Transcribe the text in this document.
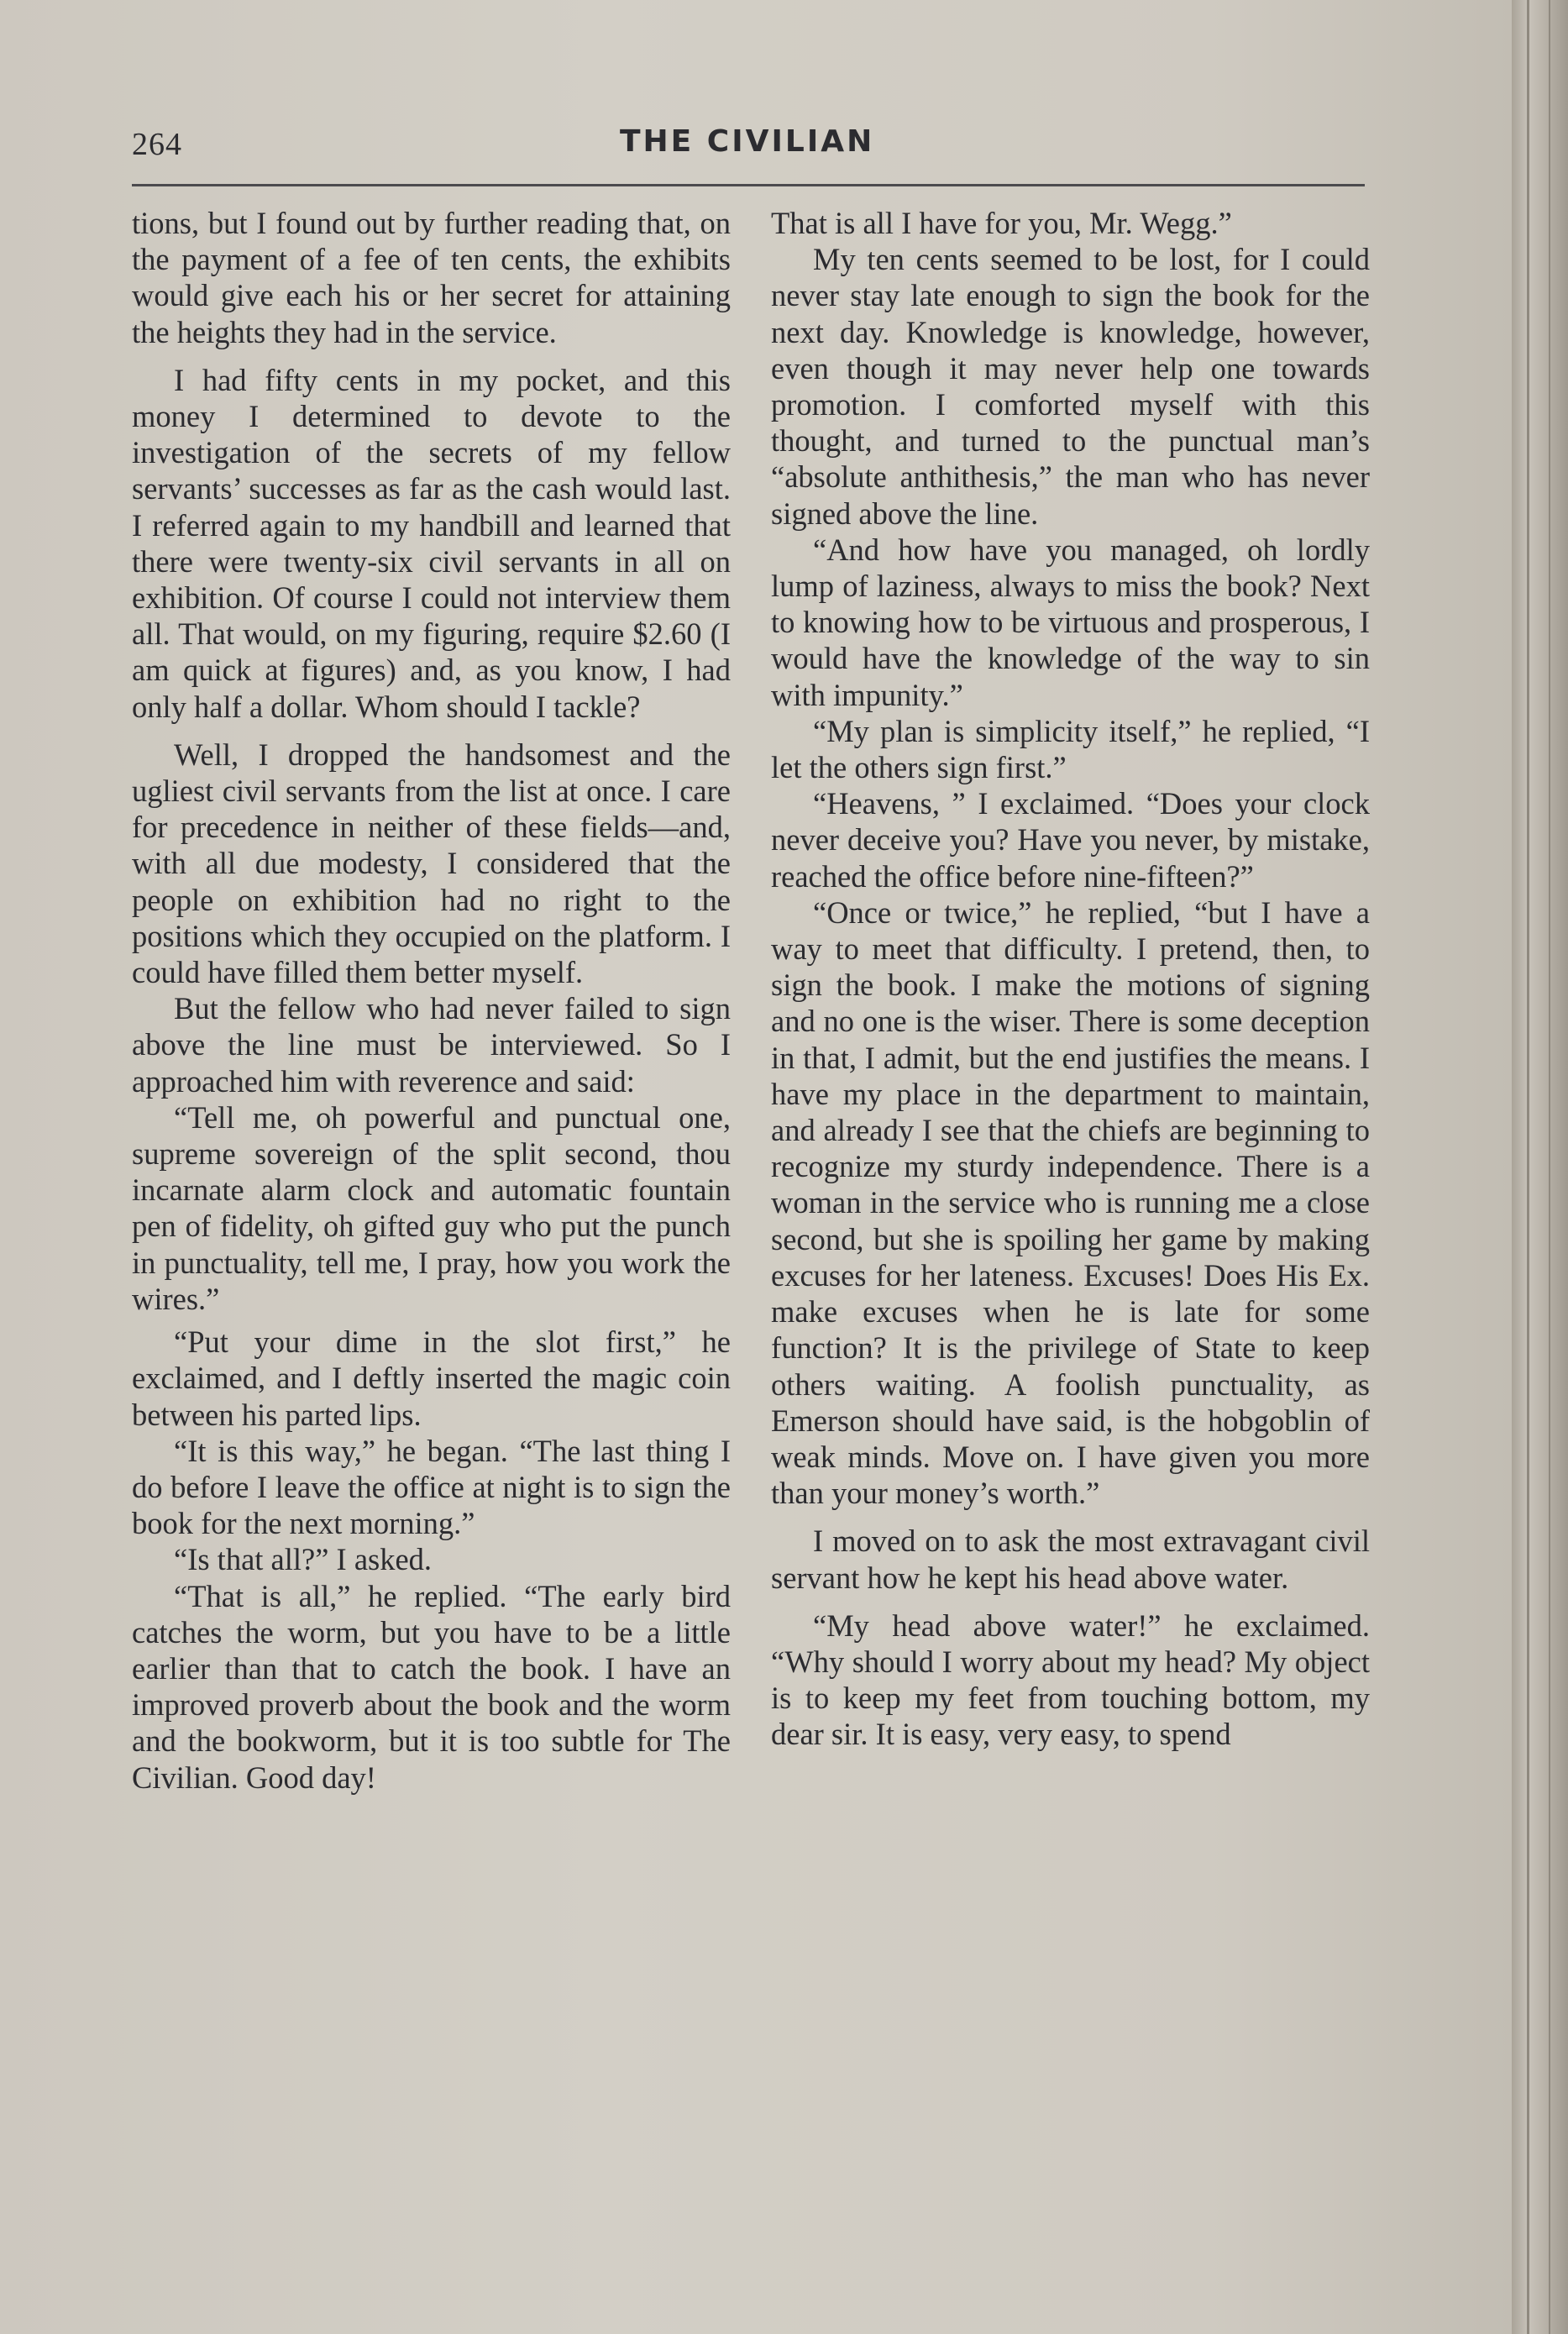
264	THE CIVILIAN

tions, but I found out by further reading that, on the payment of a fee of ten cents, the exhibits would give each his or her secret for attaining the heights they had in the service.

I had fifty cents in my pocket, and this money I determined to devote to the investigation of the secrets of my fellow servants’ successes as far as the cash would last. I referred again to my handbill and learned that there were twenty-six civil servants in all on exhibition. Of course I could not interview them all. That would, on my figuring, require $2.60 (I am quick at figures) and, as you know, I had only half a dollar. Whom should I tackle?

Well, I dropped the handsomest and the ugliest civil servants from the list at once. I care for precedence in neither of these fields—and, with all due modesty, I considered that the people on exhibition had no right to the positions which they occupied on the platform. I could have filled them better myself.

But the fellow who had never failed to sign above the line must be interviewed. So I approached him with reverence and said:

“Tell me, oh powerful and punctual one, supreme sovereign of the split second, thou incarnate alarm clock and automatic fountain pen of fidelity, oh gifted guy who put the punch in punctuality, tell me, I pray, how you work the wires.”

“Put your dime in the slot first,” he exclaimed, and I deftly inserted the magic coin between his parted lips.

“It is this way,” he began. “The last thing I do before I leave the office at night is to sign the book for the next morning.”

“Is that all?” I asked.

“That is all,” he replied. “The early bird catches the worm, but you have to be a little earlier than that to catch the book. I have an improved proverb about the book and the worm and the bookworm, but it is too subtle for The Civilian. Good day!

That is all I have for you, Mr. Wegg.”

My ten cents seemed to be lost, for I could never stay late enough to sign the book for the next day. Knowledge is knowledge, however, even though it may never help one towards promotion. I comforted myself with this thought, and turned to the punctual man’s “absolute anthithesis,” the man who has never signed above the line.

“And how have you managed, oh lordly lump of laziness, always to miss the book? Next to knowing how to be virtuous and prosperous, I would have the knowledge of the way to sin with impunity.”

“My plan is simplicity itself,” he replied, “I let the others sign first.”

“Heavens, ” I exclaimed. “Does your clock never deceive you? Have you never, by mistake, reached the office before nine-fifteen?”

“Once or twice,” he replied, “but I have a way to meet that difficulty. I pretend, then, to sign the book. I make the motions of signing and no one is the wiser. There is some deception in that, I admit, but the end justifies the means. I have my place in the department to maintain, and already I see that the chiefs are beginning to recognize my sturdy independence. There is a woman in the service who is running me a close second, but she is spoiling her game by making excuses for her lateness. Excuses! Does His Ex. make excuses when he is late for some function? It is the privilege of State to keep others waiting. A foolish punctuality, as Emerson should have said, is the hobgoblin of weak minds. Move on. I have given you more than your money’s worth.”

I moved on to ask the most extravagant civil servant how he kept his head above water.

“My head above water!” he exclaimed. “Why should I worry about my head? My object is to keep my feet from touching bottom, my dear sir. It is easy, very easy, to spend
